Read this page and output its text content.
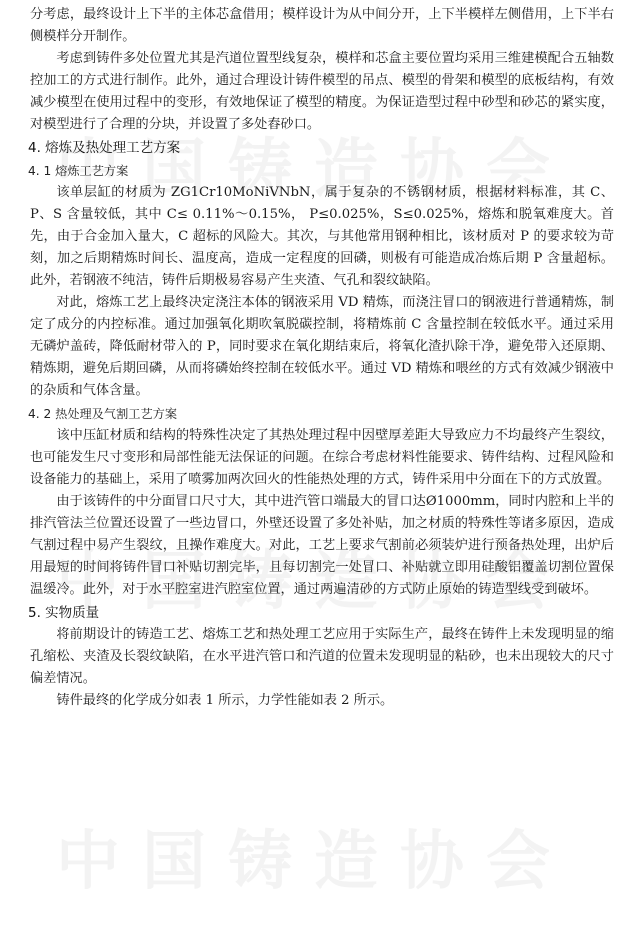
分考虑，最终设计上下半的主体芯盒借用；模样设计为从中间分开，上下半模样左侧借用，上下半右侧模样分开制作。

考虑到铸件多处位置尤其是汽道位置型线复杂，模样和芯盒主要位置均采用三维建模配合五轴数控加工的方式进行制作。此外，通过合理设计铸件模型的吊点、模型的骨架和模型的底板结构，有效减少模型在使用过程中的变形，有效地保证了模型的精度。为保证造型过程中砂型和砂芯的紧实度，对模型进行了合理的分块，并设置了多处舂砂口。

4. 熔炼及热处理工艺方案
4. 1 熔炼工艺方案

该单层缸的材质为 ZG1Cr10MoNiVNbN，属于复杂的不锈钢材质，根据材料标准，其 C、P、S 含量较低，其中 C≤ 0.11%～0.15%， P≤0.025%，S≤0.025%，熔炼和脱氧难度大。首先，由于合金加入量大，C 超标的风险大。其次，与其他常用钢种相比，该材质对 P 的要求较为苛刻，加之后期精炼时间长、温度高，造成一定程度的回磷，则极有可能造成冶炼后期 P 含量超标。此外，若钢液不纯洁，铸件后期极易容易产生夹渣、气孔和裂纹缺陷。

对此，熔炼工艺上最终决定浇注本体的钢液采用 VD 精炼，而浇注冒口的钢液进行普通精炼，制定了成分的内控标准。通过加强氧化期吹氧脱碳控制，将精炼前 C 含量控制在较低水平。通过采用无磷炉盖砖，降低耐材带入的 P，同时要求在氧化期结束后，将氧化渣扒除干净，避免带入还原期、精炼期，避免后期回磷，从而将磷始终控制在较低水平。通过 VD 精炼和喂丝的方式有效减少钢液中的杂质和气体含量。

4. 2 热处理及气割工艺方案

该中压缸材质和结构的特殊性决定了其热处理过程中因壁厚差距大导致应力不均最终产生裂纹，也可能发生尺寸变形和局部性能无法保证的问题。在综合考虑材料性能要求、铸件结构、过程风险和设备能力的基础上，采用了喷雾加两次回火的性能热处理的方式，铸件采用中分面在下的方式放置。

由于该铸件的中分面冒口尺寸大，其中进汽管口端最大的冒口达Ø1000mm，同时内腔和上半的排汽管法兰位置还设置了一些边冒口，外壁还设置了多处补贴，加之材质的特殊性等诸多原因，造成气割过程中易产生裂纹，且操作难度大。对此，工艺上要求气割前必须装炉进行预备热处理，出炉后用最短的时间将铸件冒口补贴切割完毕，且每切割完一处冒口、补贴就立即用硅酸铝覆盖切割位置保温缓冷。此外，对于水平腔室进汽腔室位置，通过两遍清砂的方式防止原始的铸造型线受到破坏。

5. 实物质量

将前期设计的铸造工艺、熔炼工艺和热处理工艺应用于实际生产，最终在铸件上未发现明显的缩孔缩松、夹渣及长裂纹缺陷，在水平进汽管口和汽道的位置未发现明显的粘砂，也未出现较大的尺寸偏差情况。

铸件最终的化学成分如表 1 所示，力学性能如表 2 所示。
